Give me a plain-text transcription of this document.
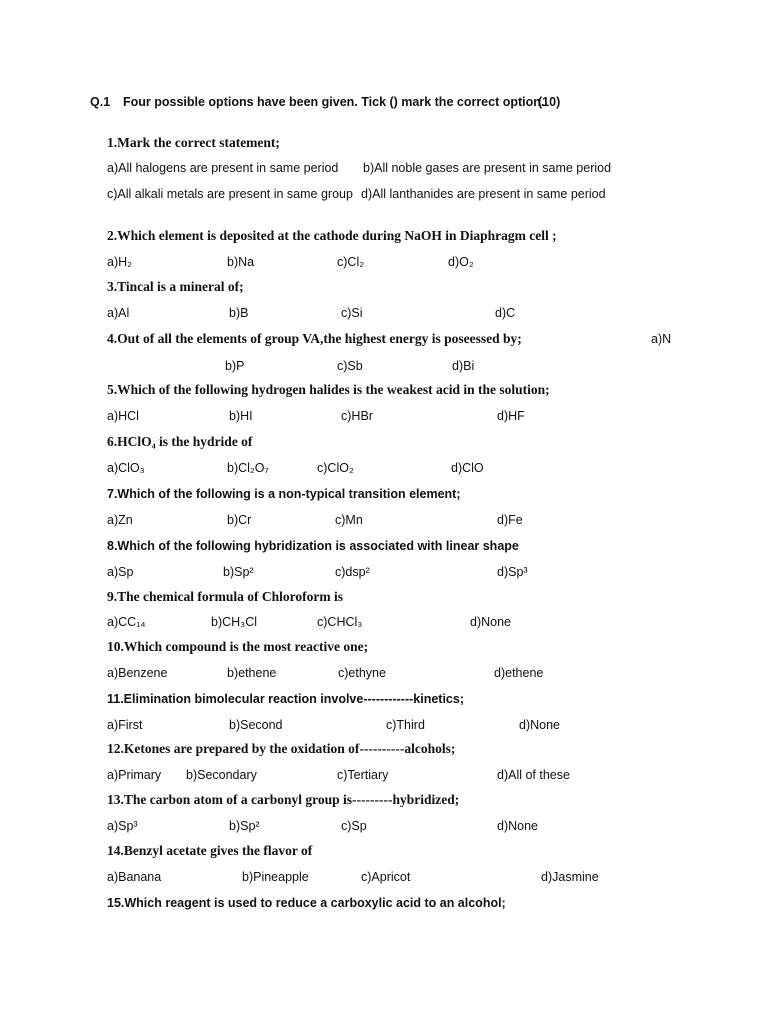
Q.1 Four possible options have been given. Tick () mark the correct option.
(10)
1.Mark the correct statement;
a)All halogens are present in same period b)All noble gases are present in same period
c)All alkali metals are present in same group d)All lanthanides are present in same period
2.Which element is deposited at the cathode during NaOH in Diaphragm cell ;
a)H₂	b)Na	c)Cl₂	d)O₂
3.Tincal is a mineral of;
a)Al	b)B	c)Si	d)C
4.Out of all the elements of group VA,the highest energy is poseessed by;	a)N
b)P	c)Sb	d)Bi
5.Which of the following hydrogen halides is the weakest acid in the solution;
a)HCl	b)HI	c)HBr	d)HF
6.HClO₄ is the hydride of
a)ClO₃	b)Cl₂O₇	c)ClO₂	d)ClO
7.Which of the following is a non-typical transition element;
a)Zn	b)Cr	c)Mn	d)Fe
8.Which of the following hybridization is associated with linear shape
a)Sp	b)Sp²	c)dsp²	d)Sp³
9.The chemical formula of Chloroform is
a)CC₁₄	b)CH₃Cl	c)CHCl₃	d)None
10.Which compound is the most reactive one;
a)Benzene	b)ethene	c)ethyne	d)ethene
11.Elimination bimolecular reaction involve------------kinetics;
a)First	b)Second	c)Third	d)None
12.Ketones are prepared by the oxidation of----------alcohols;
a)Primary b)Secondary	c)Tertiary	d)All of these
13.The carbon atom of a carbonyl group is---------hybridized;
a)Sp³	b)Sp²	c)Sp	d)None
14.Benzyl acetate gives the flavor of
a)Banana	b)Pineapple	c)Apricot	d)Jasmine
15.Which reagent is used to reduce a carboxylic acid to an alcohol;
